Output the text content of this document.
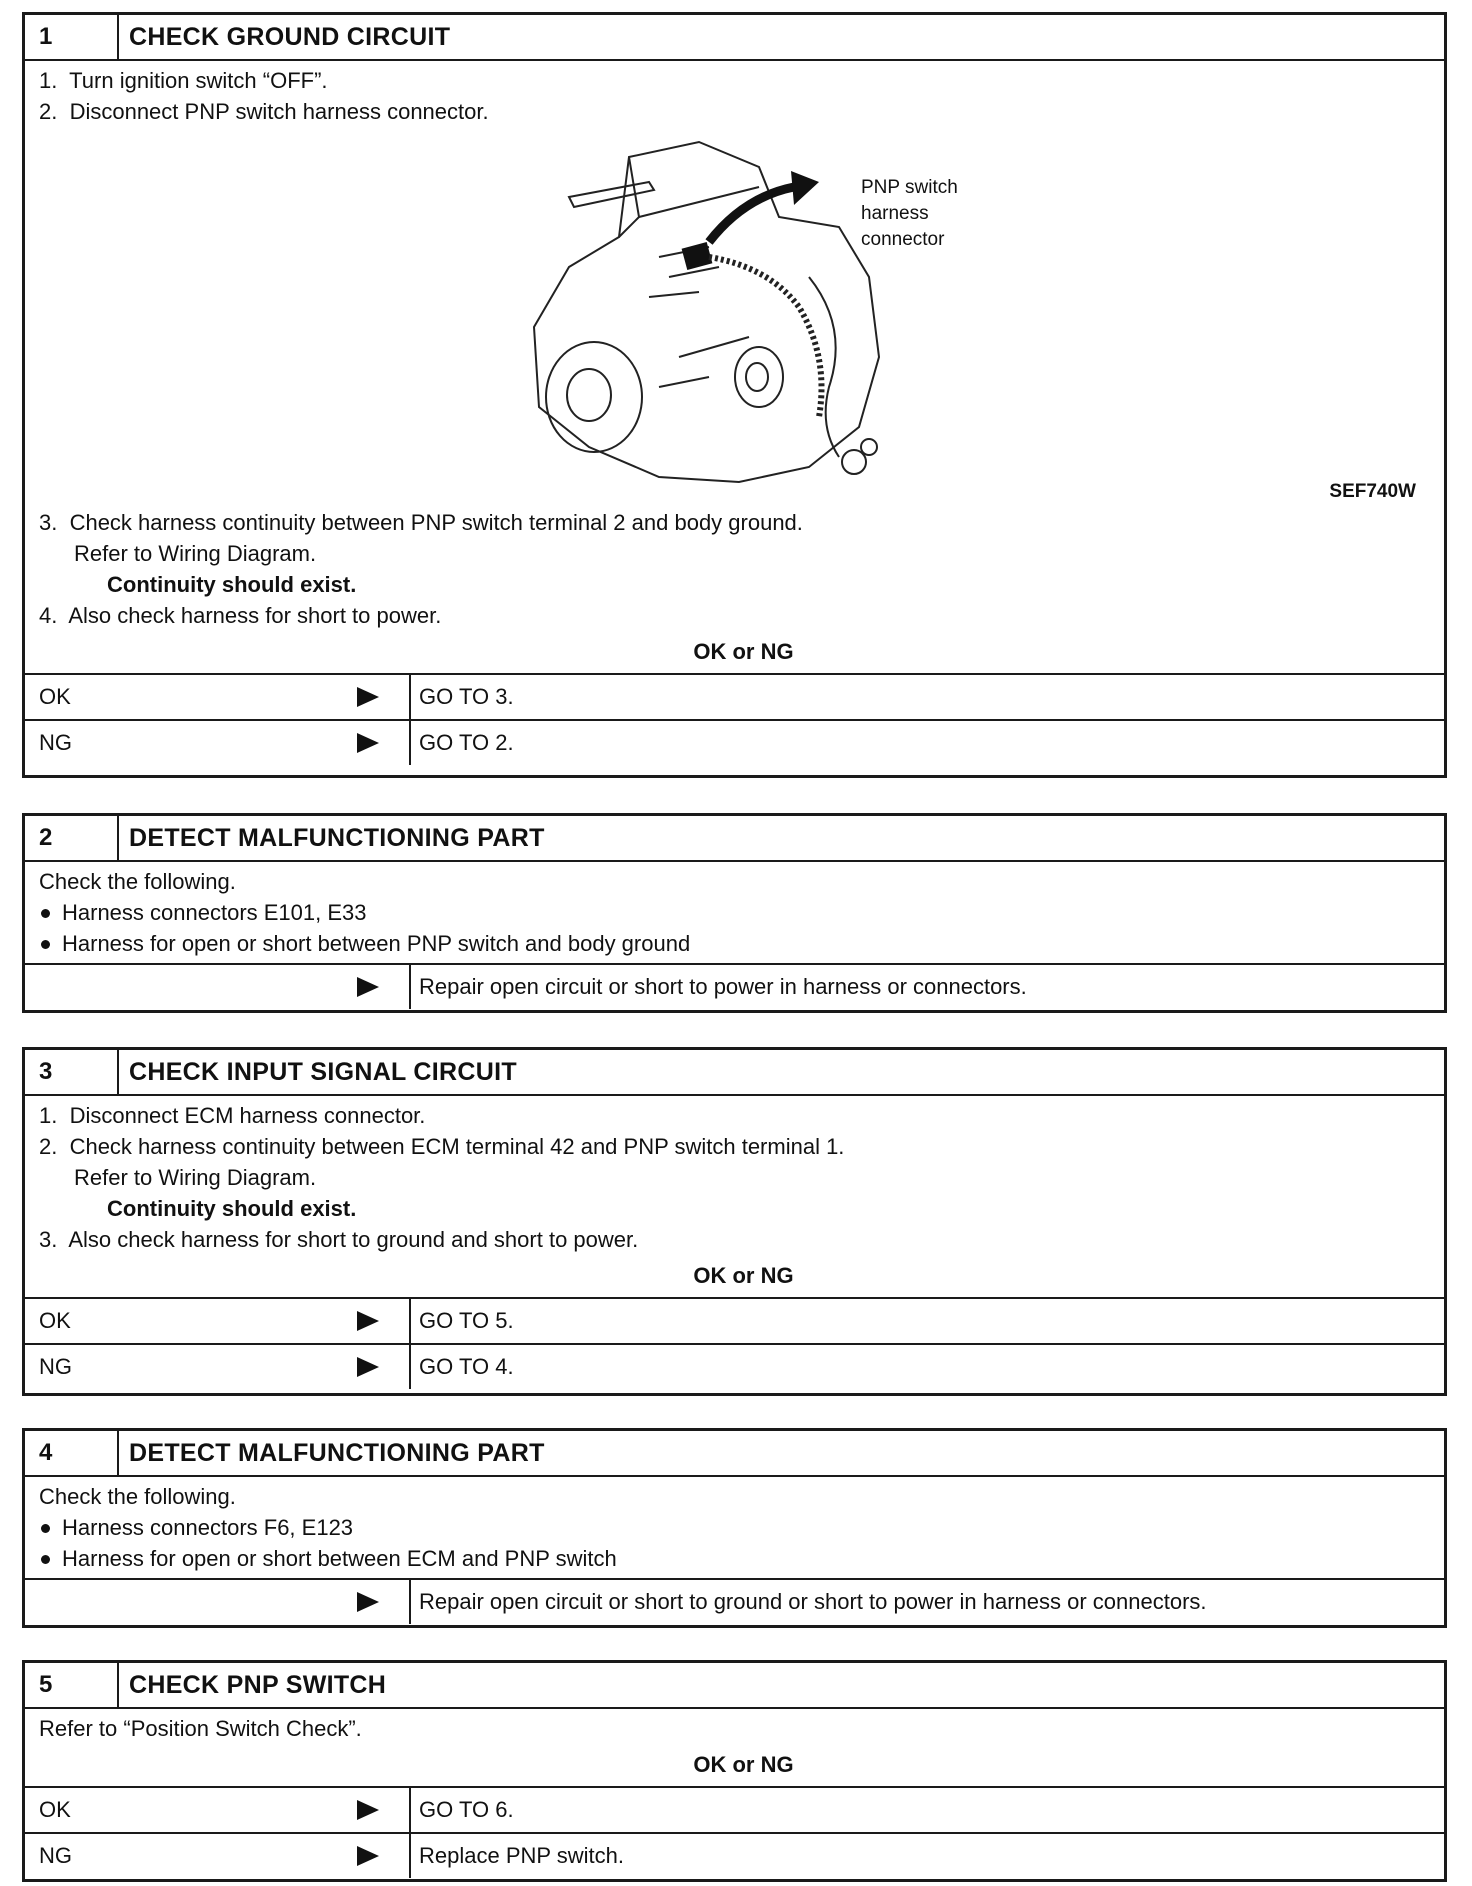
1	CHECK GROUND CIRCUIT
1.  Turn ignition switch “OFF”.
2.  Disconnect PNP switch harness connector.
PNP switch
harness
connector
SEF740W
3.  Check harness continuity between PNP switch terminal 2 and body ground.
Refer to Wiring Diagram.
Continuity should exist.
4.  Also check harness for short to power.
OK or NG
OK	GO TO 3.
NG	GO TO 2.
2	DETECT MALFUNCTIONING PART
Check the following.
Harness connectors E101, E33
Harness for open or short between PNP switch and body ground
Repair open circuit or short to power in harness or connectors.
3	CHECK INPUT SIGNAL CIRCUIT
1.  Disconnect ECM harness connector.
2.  Check harness continuity between ECM terminal 42 and PNP switch terminal 1.
Refer to Wiring Diagram.
Continuity should exist.
3.  Also check harness for short to ground and short to power.
OK or NG
OK	GO TO 5.
NG	GO TO 4.
4	DETECT MALFUNCTIONING PART
Check the following.
Harness connectors F6, E123
Harness for open or short between ECM and PNP switch
Repair open circuit or short to ground or short to power in harness or connectors.
5	CHECK PNP SWITCH
Refer to “Position Switch Check”.
OK or NG
OK	GO TO 6.
NG	Replace PNP switch.
